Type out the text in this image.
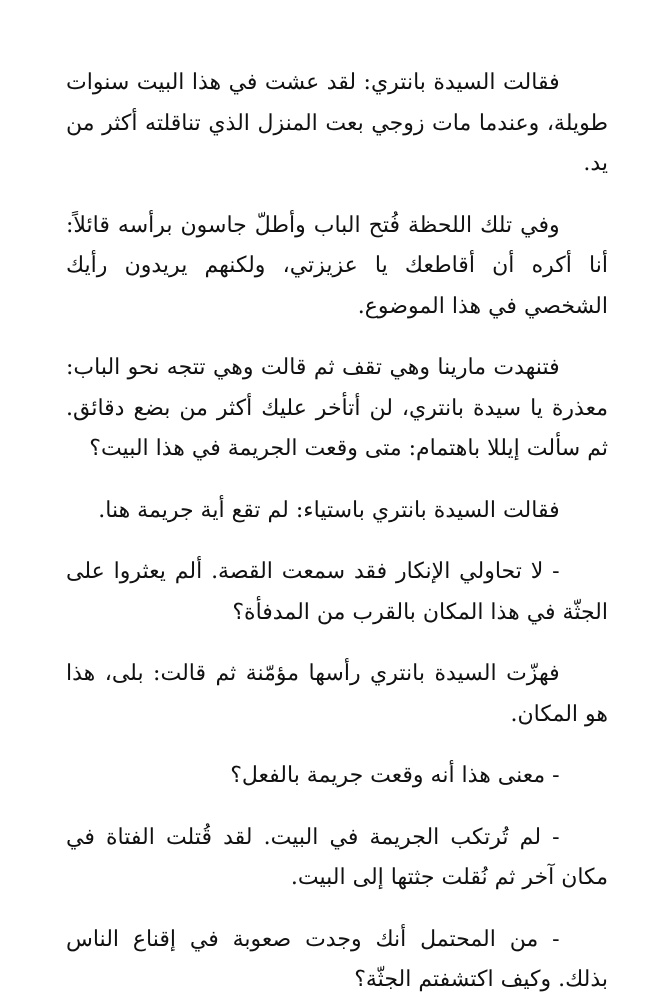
فقالت السيدة بانتري: لقد عشت في هذا البيت سنوات طويلة، وعندما مات زوجي بعت المنزل الذي تناقلته أكثر من يد.

وفي تلك اللحظة فُتح الباب وأطلّ جاسون برأسه قائلاً: أنا أكره أن أقاطعك يا عزيزتي، ولكنهم يريدون رأيك الشخصي في هذا الموضوع.

فتنهدت مارينا وهي تقف ثم قالت وهي تتجه نحو الباب: معذرة يا سيدة بانتري، لن أتأخر عليك أكثر من بضع دقائق. ثم سألت إيللا باهتمام: متى وقعت الجريمة في هذا البيت؟

فقالت السيدة بانتري باستياء: لم تقع أية جريمة هنا.

- لا تحاولي الإنكار فقد سمعت القصة. ألم يعثروا على الجثّة في هذا المكان بالقرب من المدفأة؟

فهزّت السيدة بانتري رأسها مؤمّنة ثم قالت: بلى، هذا هو المكان.

- معنى هذا أنه وقعت جريمة بالفعل؟

- لم تُرتكب الجريمة في البيت. لقد قُتلت الفتاة في مكان آخر ثم نُقلت جثتها إلى البيت.

- من المحتمل أنك وجدت صعوبة في إقناع الناس بذلك. وكيف اكتشفتم الجثّة؟
